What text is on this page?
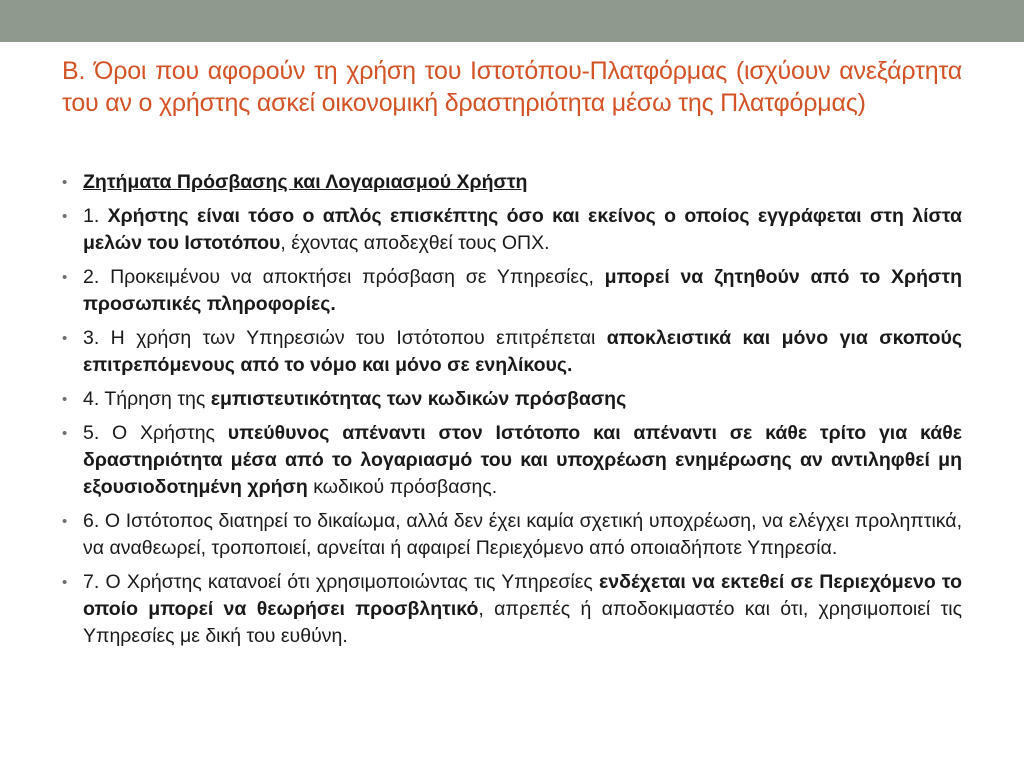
Β. Όροι που αφορούν τη χρήση του Ιστοτόπου-Πλατφόρμας (ισχύουν ανεξάρτητα του αν ο χρήστης ασκεί οικονομική δραστηριότητα μέσω της Πλατφόρμας)
• Ζητήματα Πρόσβασης και Λογαριασμού Χρήστη
• 1. Χρήστης είναι τόσο ο απλός επισκέπτης όσο και εκείνος ο οποίος εγγράφεται στη λίστα μελών του Ιστοτόπου, έχοντας αποδεχθεί τους ΟΠΧ.
• 2. Προκειμένου να αποκτήσει πρόσβαση σε Υπηρεσίες, μπορεί να ζητηθούν από το Χρήστη προσωπικές πληροφορίες.
• 3. Η χρήση των Υπηρεσιών του Ιστότοπου επιτρέπεται αποκλειστικά και μόνο για σκοπούς επιτρεπόμενους από το νόμο και μόνο σε ενηλίκους.
• 4. Τήρηση της εμπιστευτικότητας των κωδικών πρόσβασης
• 5. Ο Χρήστης υπεύθυνος απέναντι στον Ιστότοπο και απέναντι σε κάθε τρίτο για κάθε δραστηριότητα μέσα από το λογαριασμό του και υποχρέωση ενημέρωσης αν αντιληφθεί μη εξουσιοδοτημένη χρήση κωδικού πρόσβασης.
• 6. Ο Ιστότοπος διατηρεί το δικαίωμα, αλλά δεν έχει καμία σχετική υποχρέωση, να ελέγχει προληπτικά, να αναθεωρεί, τροποποιεί, αρνείται ή αφαιρεί Περιεχόμενο από οποιαδήποτε Υπηρεσία.
• 7. Ο Χρήστης κατανοεί ότι χρησιμοποιώντας τις Υπηρεσίες ενδέχεται να εκτεθεί σε Περιεχόμενο το οποίο μπορεί να θεωρήσει προσβλητικό, απρεπές ή αποδοκιμαστέο και ότι, χρησιμοποιεί τις Υπηρεσίες με δική του ευθύνη.
